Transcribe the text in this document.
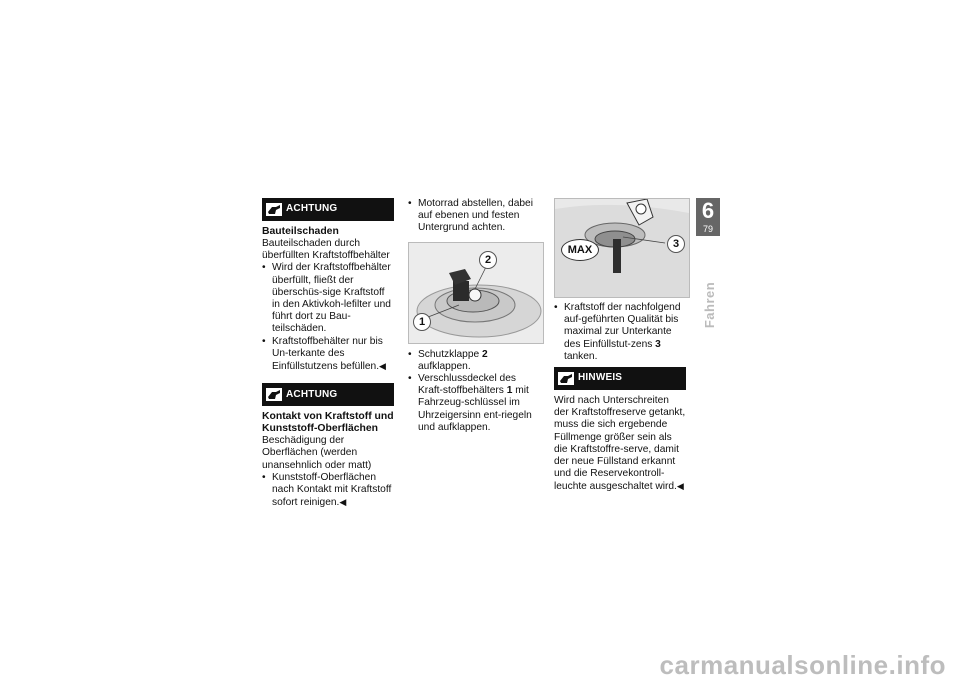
ACHTUNG
Bauteilschaden

Bauteilschaden durch überfüllten Kraftstoffbehälter

• Wird der Kraftstoffbehälter überfüllt, fließt der überschüs-sige Kraftstoff in den Aktivkoh-lefilter und führt dort zu Bau-teilschäden.
• Kraftstoffbehälter nur bis Un-terkante des Einfüllstutzens befüllen.◀
ACHTUNG
Kontakt von Kraftstoff und Kunststoff-Oberflächen

Beschädigung der Oberflächen (werden unansehnlich oder matt)

• Kunststoff-Oberflächen nach Kontakt mit Kraftstoff sofort reinigen.◀
• Motorrad abstellen, dabei auf ebenen und festen Untergrund achten.
1
2
• Schutzklappe 2 aufklappen.
• Verschlussdeckel des Kraft-stoffbehälters 1 mit Fahrzeug-schlüssel im Uhrzeigersinn ent-riegeln und aufklappen.
MAX	3
• Kraftstoff der nachfolgend auf-geführten Qualität bis maximal zur Unterkante des Einfüllstut-zens 3 tanken.
HINWEIS

Wird nach Unterschreiten der Kraftstoffreserve getankt, muss die sich ergebende Füllmenge größer sein als die Kraftstoffre-serve, damit der neue Füllstand erkannt und die Reservekontroll-leuchte ausgeschaltet wird.◀

6
79
Fahren
carmanualsonline.info
